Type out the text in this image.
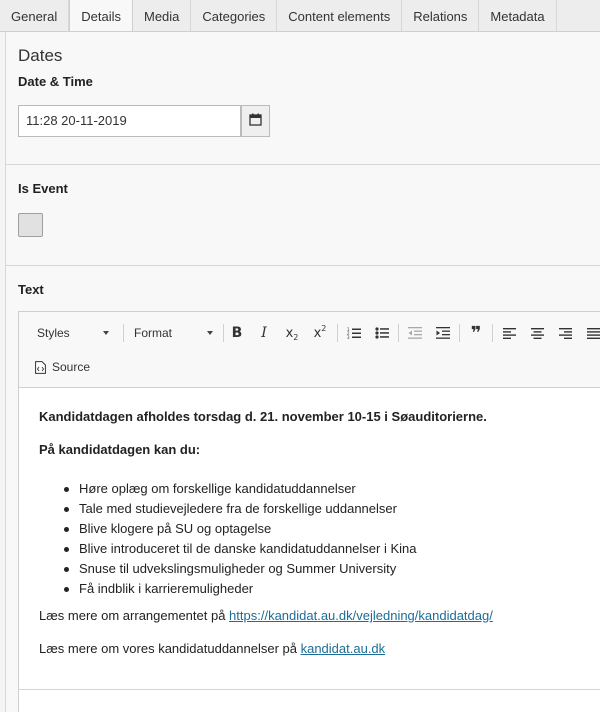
General	Details	Media	Categories	Content elements	Relations	Metadata
Dates
Date & Time
11:28 20-11-2019
Is Event
Text
Styles	Format	B	I	x 2	x 2	1
2
3	❞
Source

Kandidatdagen afholdes torsdag d. 21. november 10-15 i Søauditorierne.

På kandidatdagen kan du:

Høre oplæg om forskellige kandidatuddannelser
Tale med studievejledere fra de forskellige uddannelser
Blive klogere på SU og optagelse
Blive introduceret til de danske kandidatuddannelser i Kina
Snuse til udvekslingsmuligheder og Summer University
Få indblik i karrieremuligheder

Læs mere om arrangementet på https://kandidat.au.dk/vejledning/kandidatdag/

Læs mere om vores kandidatuddannelser på kandidat.au.dk
